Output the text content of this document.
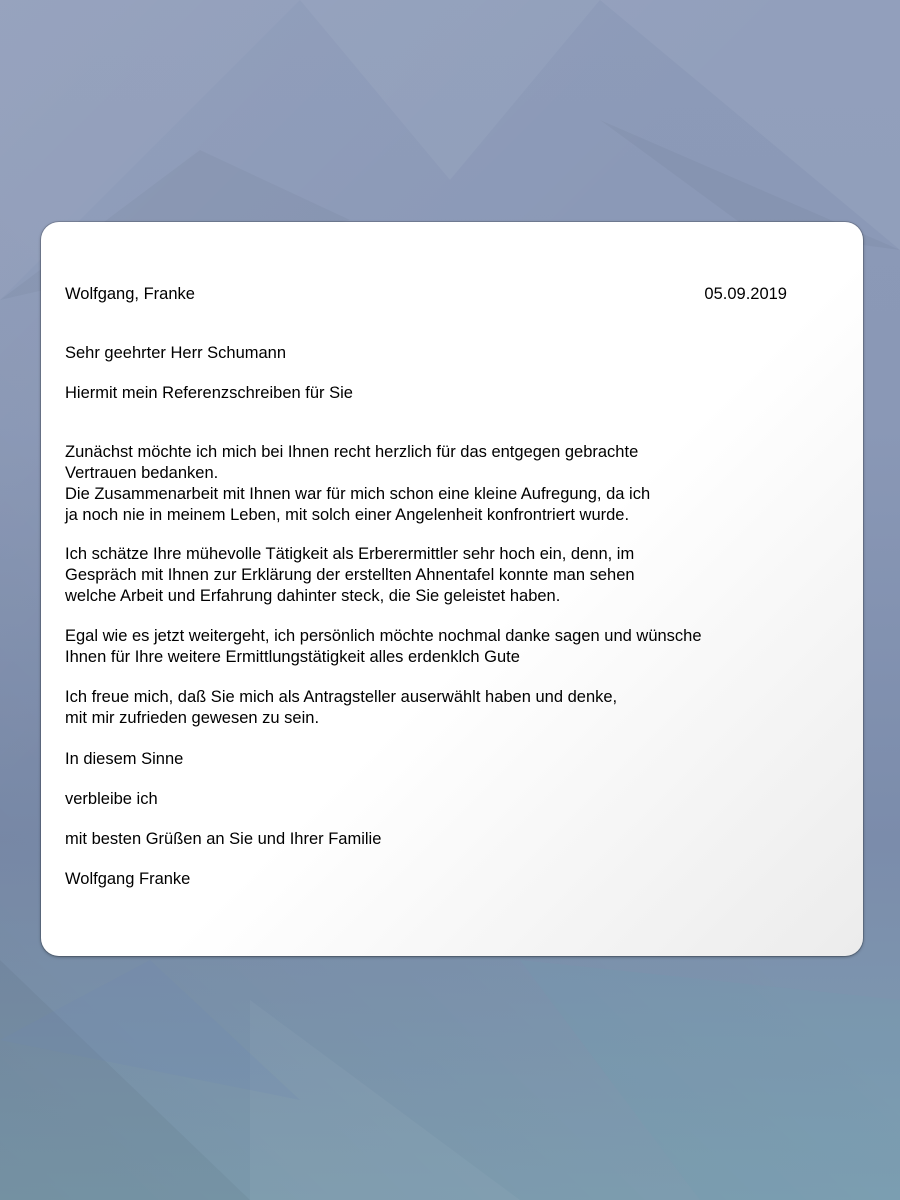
Wolfgang, Franke	05.09.2019
Sehr geehrter Herr Schumann
Hiermit mein Referenzschreiben für Sie
Zunächst möchte ich mich bei Ihnen recht herzlich für das entgegen gebrachte
Vertrauen bedanken.
Die Zusammenarbeit mit Ihnen war für mich schon eine kleine Aufregung, da ich
ja noch nie in meinem Leben, mit solch einer Angelenheit konfrontriert wurde.
Ich schätze Ihre mühevolle Tätigkeit als Erberermittler sehr hoch ein, denn, im
Gespräch mit Ihnen zur Erklärung der erstellten Ahnentafel konnte man sehen
welche Arbeit und Erfahrung dahinter steck, die Sie geleistet haben.
Egal wie es jetzt weitergeht, ich persönlich möchte nochmal danke sagen und wünsche
Ihnen für Ihre weitere Ermittlungstätigkeit alles erdenklch Gute
Ich freue mich, daß Sie mich als Antragsteller auserwählt haben und denke,
mit mir zufrieden gewesen zu sein.
In diesem Sinne
verbleibe ich
mit besten Grüßen an Sie und Ihrer Familie
Wolfgang Franke
